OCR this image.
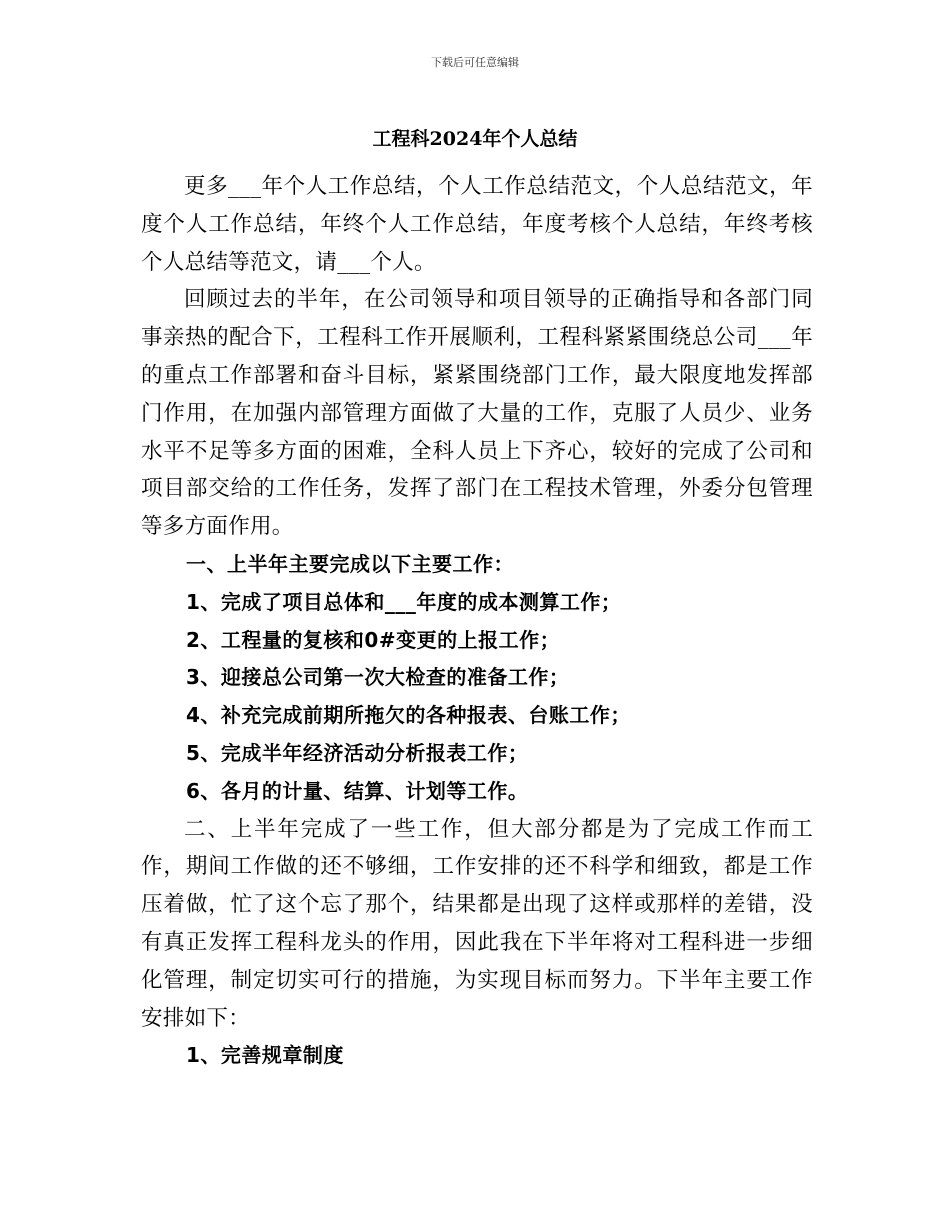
下载后可任意编辑
工程科2024年个人总结

更多___年个人工作总结，个人工作总结范文，个人总结范文，年度个人工作总结，年终个人工作总结，年度考核个人总结，年终考核个人总结等范文，请___个人。

回顾过去的半年，在公司领导和项目领导的正确指导和各部门同事亲热的配合下，工程科工作开展顺利，工程科紧紧围绕总公司___年的重点工作部署和奋斗目标，紧紧围绕部门工作，最大限度地发挥部门作用，在加强内部管理方面做了大量的工作，克服了人员少、业务水平不足等多方面的困难，全科人员上下齐心，较好的完成了公司和项目部交给的工作任务，发挥了部门在工程技术管理，外委分包管理等多方面作用。

一、上半年主要完成以下主要工作：

1、完成了项目总体和___年度的成本测算工作；

2、工程量的复核和0#变更的上报工作；

3、迎接总公司第一次大检查的准备工作；

4、补充完成前期所拖欠的各种报表、台账工作；

5、完成半年经济活动分析报表工作；

6、各月的计量、结算、计划等工作。

二、上半年完成了一些工作，但大部分都是为了完成工作而工作，期间工作做的还不够细，工作安排的还不科学和细致，都是工作压着做，忙了这个忘了那个，结果都是出现了这样或那样的差错，没有真正发挥工程科龙头的作用，因此我在下半年将对工程科进一步细化管理，制定切实可行的措施，为实现目标而努力。下半年主要工作安排如下：

1、完善规章制度
